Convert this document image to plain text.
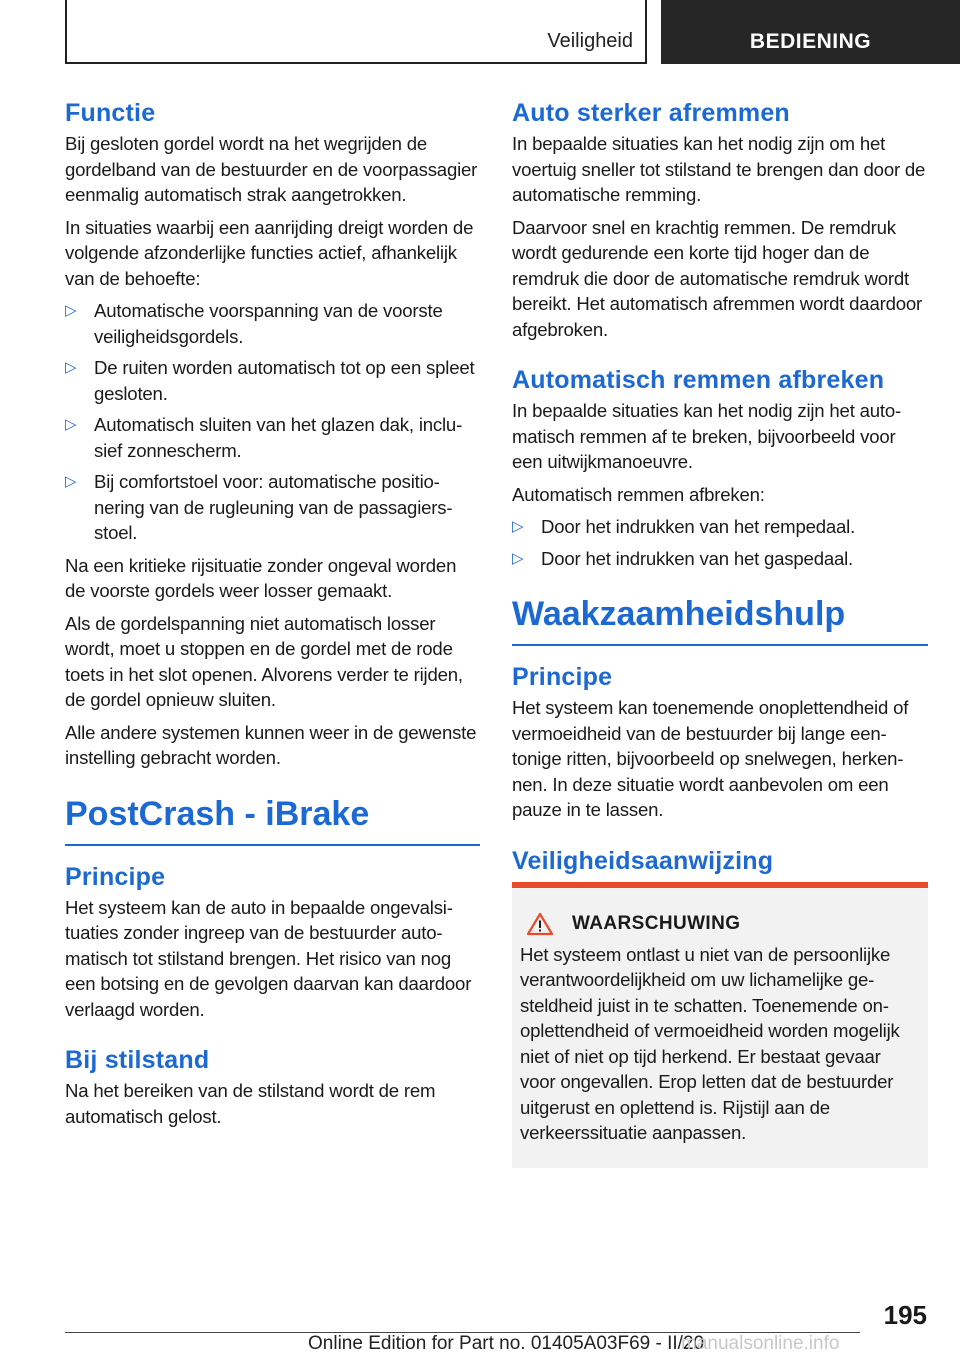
Veiligheid	BEDIENING
Functie

Bij gesloten gordel wordt na het wegrijden de gordelband van de bestuurder en de voorpassagier eenmalig automatisch strak aangetrokken.

In situaties waarbij een aanrijding dreigt worden de volgende afzonderlijke functies actief, afhankelijk van de behoefte:

▷ Automatische voorspanning van de voorste veiligheidsgordels.
▷ De ruiten worden automatisch tot op een spleet gesloten.
▷ Automatisch sluiten van het glazen dak, inclusief zonnescherm.
▷ Bij comfortstoel voor: automatische positionering van de rugleuning van de passagiersstoel.

Na een kritieke rijsituatie zonder ongeval worden de voorste gordels weer losser gemaakt.

Als de gordelspanning niet automatisch losser wordt, moet u stoppen en de gordel met de rode toets in het slot openen. Alvorens verder te rijden, de gordel opnieuw sluiten.

Alle andere systemen kunnen weer in de gewenste instelling gebracht worden.

PostCrash - iBrake
Principe

Het systeem kan de auto in bepaalde ongevalsituaties zonder ingreep van de bestuurder automatisch tot stilstand brengen. Het risico van nog een botsing en de gevolgen daarvan kan daardoor verlaagd worden.

Bij stilstand

Na het bereiken van de stilstand wordt de rem automatisch gelost.

Auto sterker afremmen

In bepaalde situaties kan het nodig zijn om het voertuig sneller tot stilstand te brengen dan door de automatische remming.

Daarvoor snel en krachtig remmen. De remdruk wordt gedurende een korte tijd hoger dan de remdruk die door de automatische remdruk wordt bereikt. Het automatisch afremmen wordt daardoor afgebroken.

Automatisch remmen afbreken

In bepaalde situaties kan het nodig zijn het automatisch remmen af te breken, bijvoorbeeld voor een uitwijkmanoeuvre.

Automatisch remmen afbreken:

▷ Door het indrukken van het rempedaal.
▷ Door het indrukken van het gaspedaal.
Waakzaamheidshulp
Principe

Het systeem kan toenemende onoplettendheid of vermoeidheid van de bestuurder bij lange eentonige ritten, bijvoorbeeld op snelwegen, herkennen. In deze situatie wordt aanbevolen om een pauze in te lassen.

Veiligheidsaanwijzing
WAARSCHUWING
Het systeem ontlast u niet van de persoonlijke verantwoordelijkheid om uw lichamelijke gesteldheid juist in te schatten. Toenemende onoplettendheid of vermoeidheid worden mogelijk niet of niet op tijd herkend. Er bestaat gevaar voor ongevallen. Erop letten dat de bestuurder uitgerust en oplettend is. Rijstijl aan de verkeerssituatie aanpassen.
195
Online Edition for Part no. 01405A03F69 - II/20
manualsonline.info
